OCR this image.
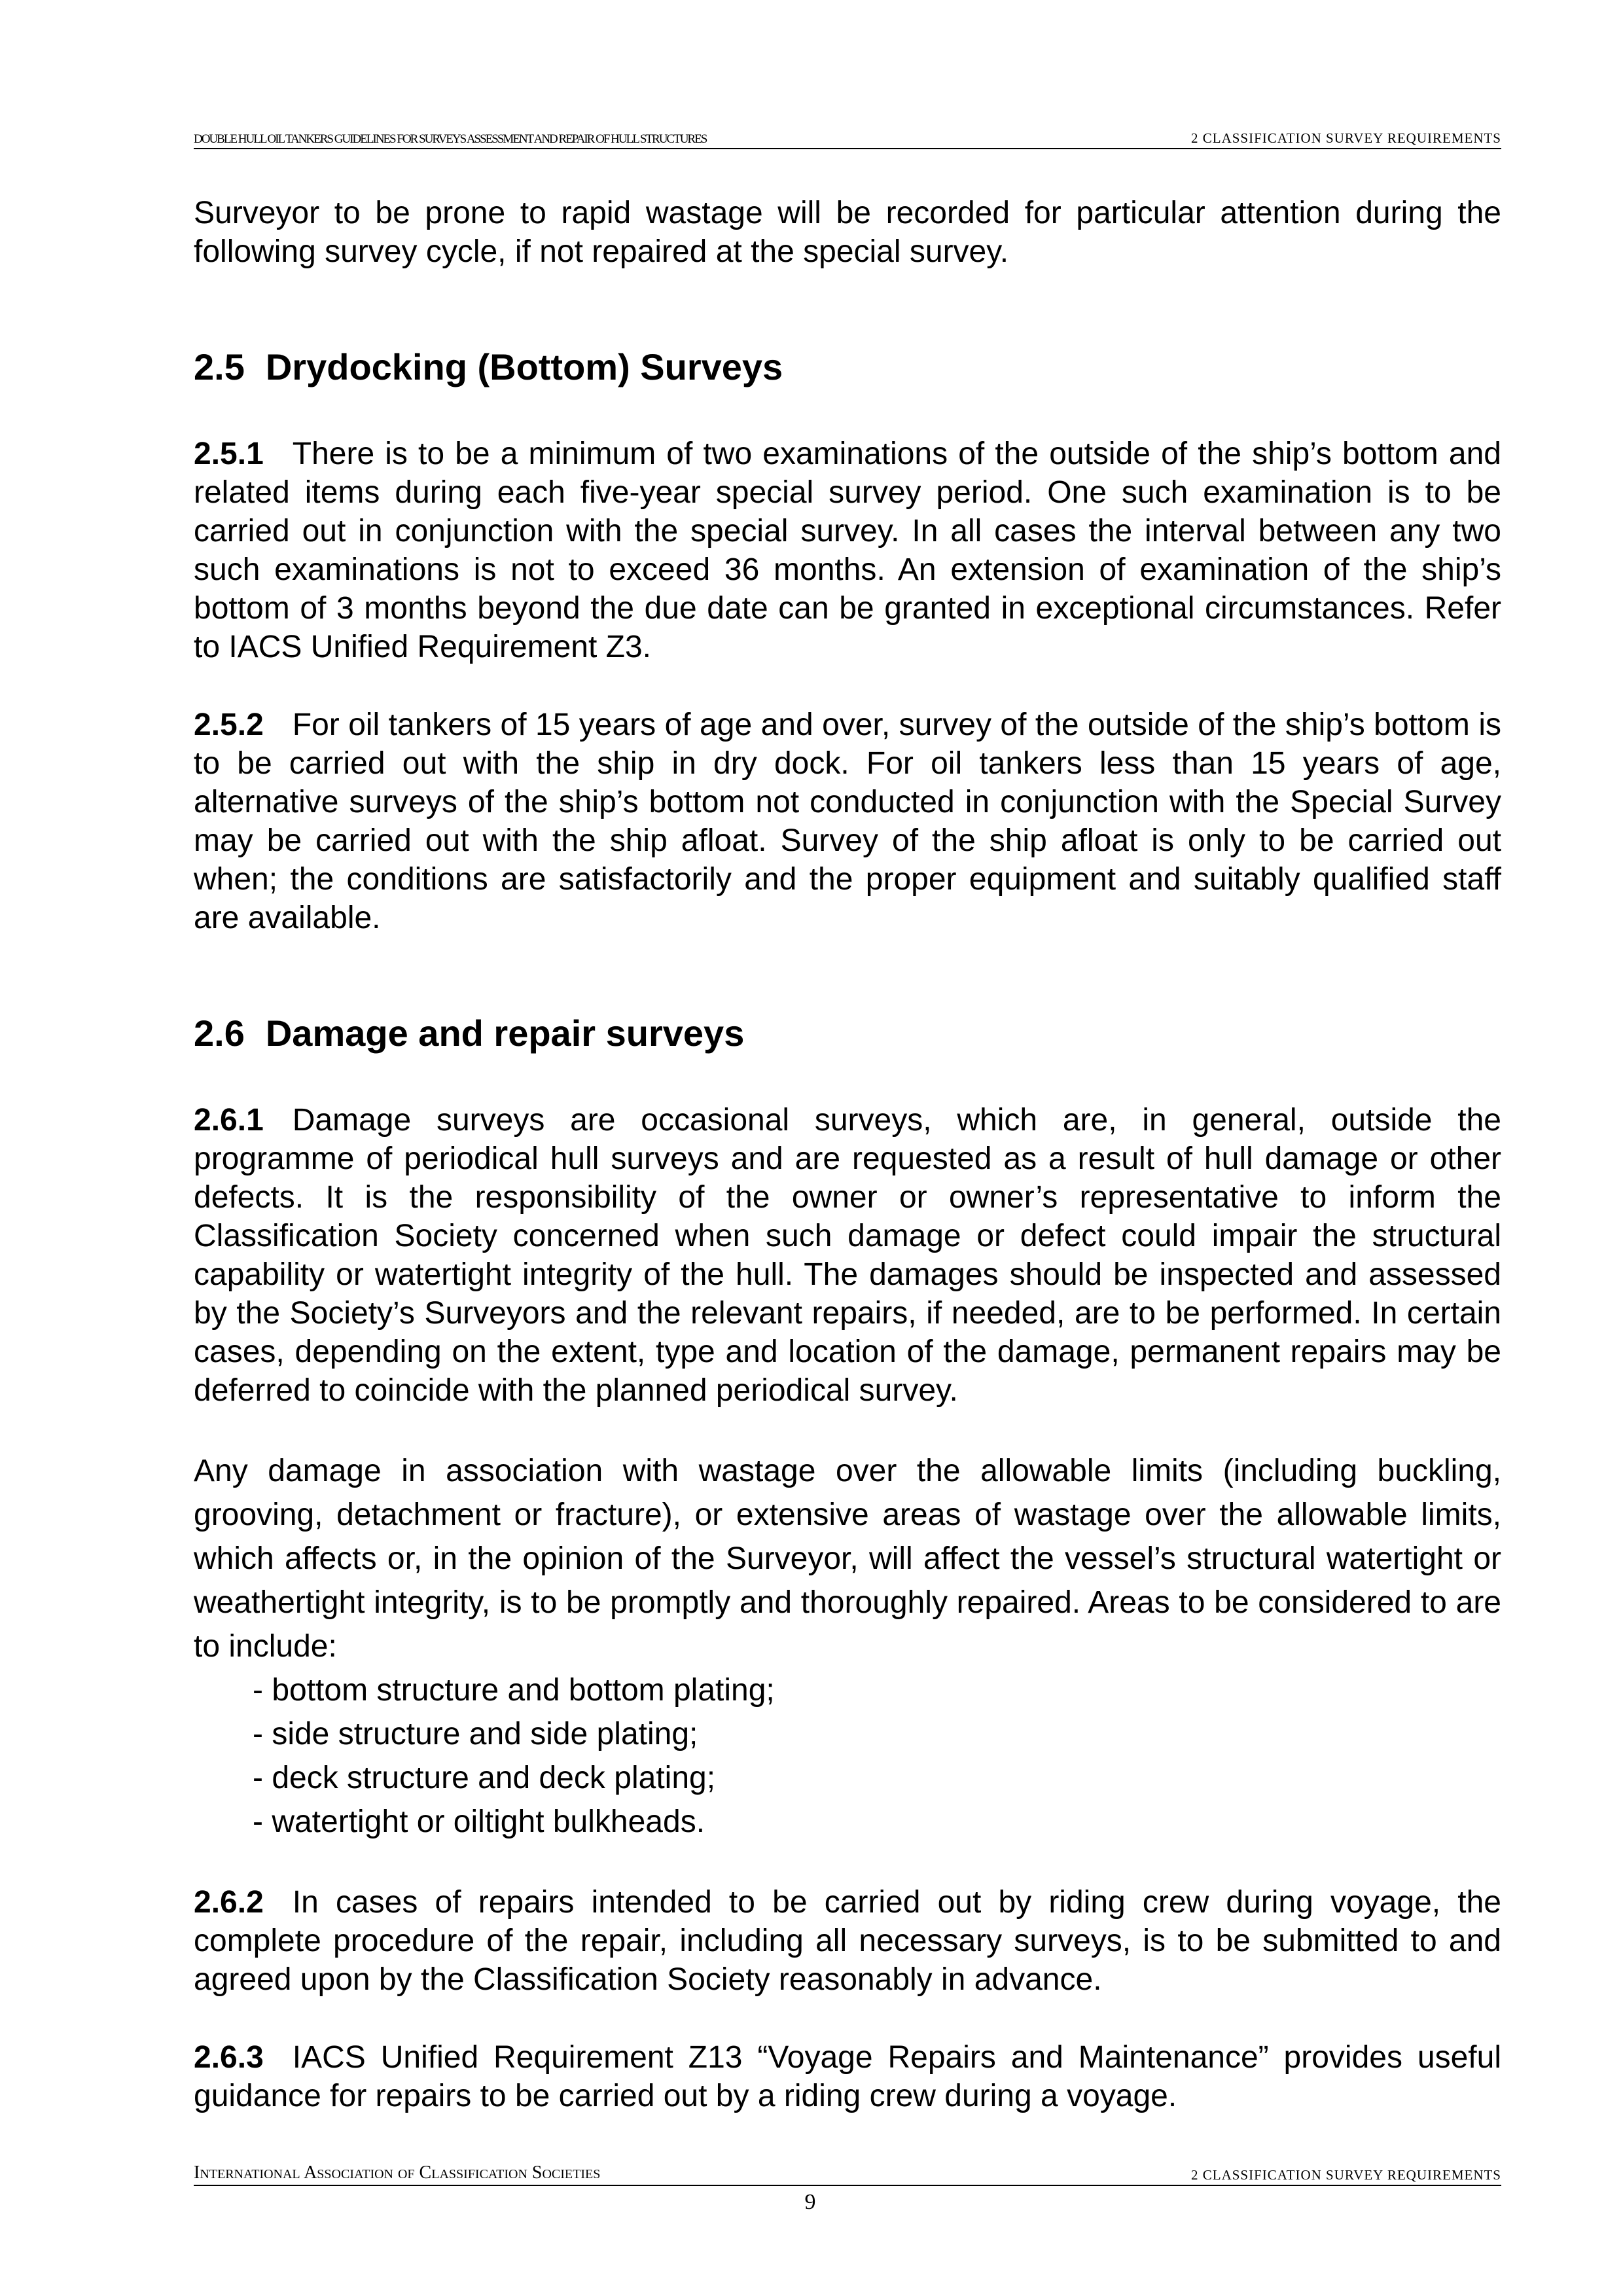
DOUBLE HULL OIL TANKERS GUIDELINES FOR SURVEYS ASSESSMENT AND REPAIR OF HULL STRUCTURES	2 CLASSIFICATION SURVEY REQUIREMENTS

Surveyor to be prone to rapid wastage will be recorded for particular attention during the following survey cycle, if not repaired at the special survey.

2.5 Drydocking (Bottom) Surveys

2.5.1 There is to be a minimum of two examinations of the outside of the ship’s bottom and related items during each five-year special survey period. One such examination is to be carried out in conjunction with the special survey. In all cases the interval between any two such examinations is not to exceed 36 months. An extension of examination of the ship’s bottom of 3 months beyond the due date can be granted in exceptional circumstances. Refer to IACS Unified Requirement Z3.

2.5.2 For oil tankers of 15 years of age and over, survey of the outside of the ship’s bottom is to be carried out with the ship in dry dock. For oil tankers less than 15 years of age, alternative surveys of the ship’s bottom not conducted in conjunction with the Special Survey may be carried out with the ship afloat. Survey of the ship afloat is only to be carried out when; the conditions are satisfactorily and the proper equipment and suitably qualified staff are available.

2.6 Damage and repair surveys

2.6.1 Damage surveys are occasional surveys, which are, in general, outside the programme of periodical hull surveys and are requested as a result of hull damage or other defects. It is the responsibility of the owner or owner’s representative to inform the Classification Society concerned when such damage or defect could impair the structural capability or watertight integrity of the hull. The damages should be inspected and assessed by the Society’s Surveyors and the relevant repairs, if needed, are to be performed. In certain cases, depending on the extent, type and location of the damage, permanent repairs may be deferred to coincide with the planned periodical survey.

Any damage in association with wastage over the allowable limits (including buckling, grooving, detachment or fracture), or extensive areas of wastage over the allowable limits, which affects or, in the opinion of the Surveyor, will affect the vessel’s structural watertight or weathertight integrity, is to be promptly and thoroughly repaired. Areas to be considered to are to include:

- bottom structure and bottom plating;
- side structure and side plating;
- deck structure and deck plating;
- watertight or oiltight bulkheads.

2.6.2 In cases of repairs intended to be carried out by riding crew during voyage, the complete procedure of the repair, including all necessary surveys, is to be submitted to and agreed upon by the Classification Society reasonably in advance.

2.6.3 IACS Unified Requirement Z13 “Voyage Repairs and Maintenance” provides useful guidance for repairs to be carried out by a riding crew during a voyage.

International Association of Classification Societies	2 CLASSIFICATION SURVEY REQUIREMENTS
9
